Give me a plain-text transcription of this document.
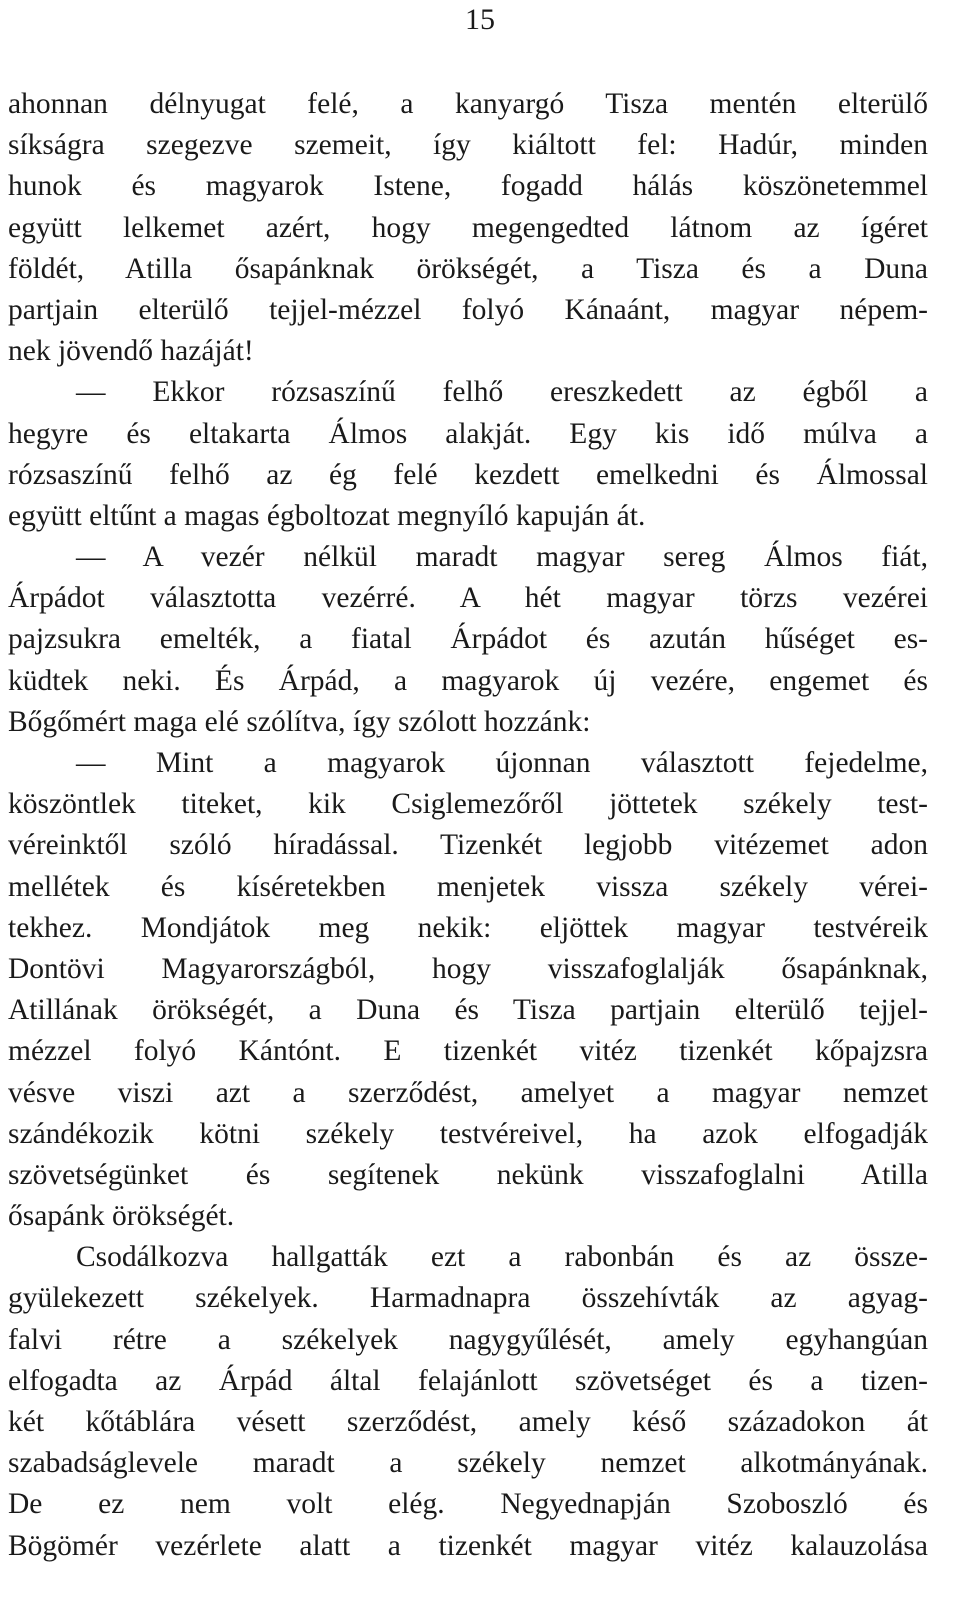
15
ahonnan délnyugat felé, a kanyargó Tisza mentén elterülő
síkságra szegezve szemeit, így kiáltott fel: Hadúr, minden
hunok és magyarok Istene, fogadd hálás köszönetemmel
együtt lelkemet azért, hogy megengedted látnom az ígéret
földét, Atilla ősapánknak örökségét, a Tisza és a Duna
partjain elterülő tejjel-mézzel folyó Kánaánt, magyar népem-
nek jövendő hazáját!
— Ekkor rózsaszínű felhő ereszkedett az égből a
hegyre és eltakarta Álmos alakját. Egy kis idő múlva a
rózsaszínű felhő az ég felé kezdett emelkedni és Álmossal
együtt eltűnt a magas égboltozat megnyíló kapuján át.
— A vezér nélkül maradt magyar sereg Álmos fiát,
Árpádot választotta vezérré. A hét magyar törzs vezérei
pajzsukra emelték, a fiatal Árpádot és azután hűséget es-
küdtek neki. És Árpád, a magyarok új vezére, engemet és
Bőgőmért maga elé szólítva, így szólott hozzánk:
— Mint a magyarok újonnan választott fejedelme,
köszöntlek titeket, kik Csiglemezőről jöttetek székely test-
véreinktől szóló híradással. Tizenkét legjobb vitézemet adon
mellétek és kíséretekben menjetek vissza székely vérei-
tekhez. Mondjátok meg nekik: eljöttek magyar testvéreik
Dontövi Magyarországból, hogy visszafoglalják ősapánknak,
Atillának örökségét, a Duna és Tisza partjain elterülő tejjel-
mézzel folyó Kántónt. E tizenkét vitéz tizenkét kőpajzsra
vésve viszi azt a szerződést, amelyet a magyar nemzet
szándékozik kötni székely testvéreivel, ha azok elfogadják
szövetségünket és segítenek nekünk visszafoglalni Atilla
ősapánk örökségét.
Csodálkozva hallgatták ezt a rabonbán és az össze-
gyülekezett székelyek. Harmadnapra összehívták az agyag-
falvi rétre a székelyek nagygyűlését, amely egyhangúan
elfogadta az Árpád által felajánlott szövetséget és a tizen-
két kőtáblára vésett szerződést, amely késő századokon át
szabadságlevele maradt a székely nemzet alkotmányának.
De ez nem volt elég. Negyednapján Szoboszló és
Bögömér vezérlete alatt a tizenkét magyar vitéz kalauzolása
